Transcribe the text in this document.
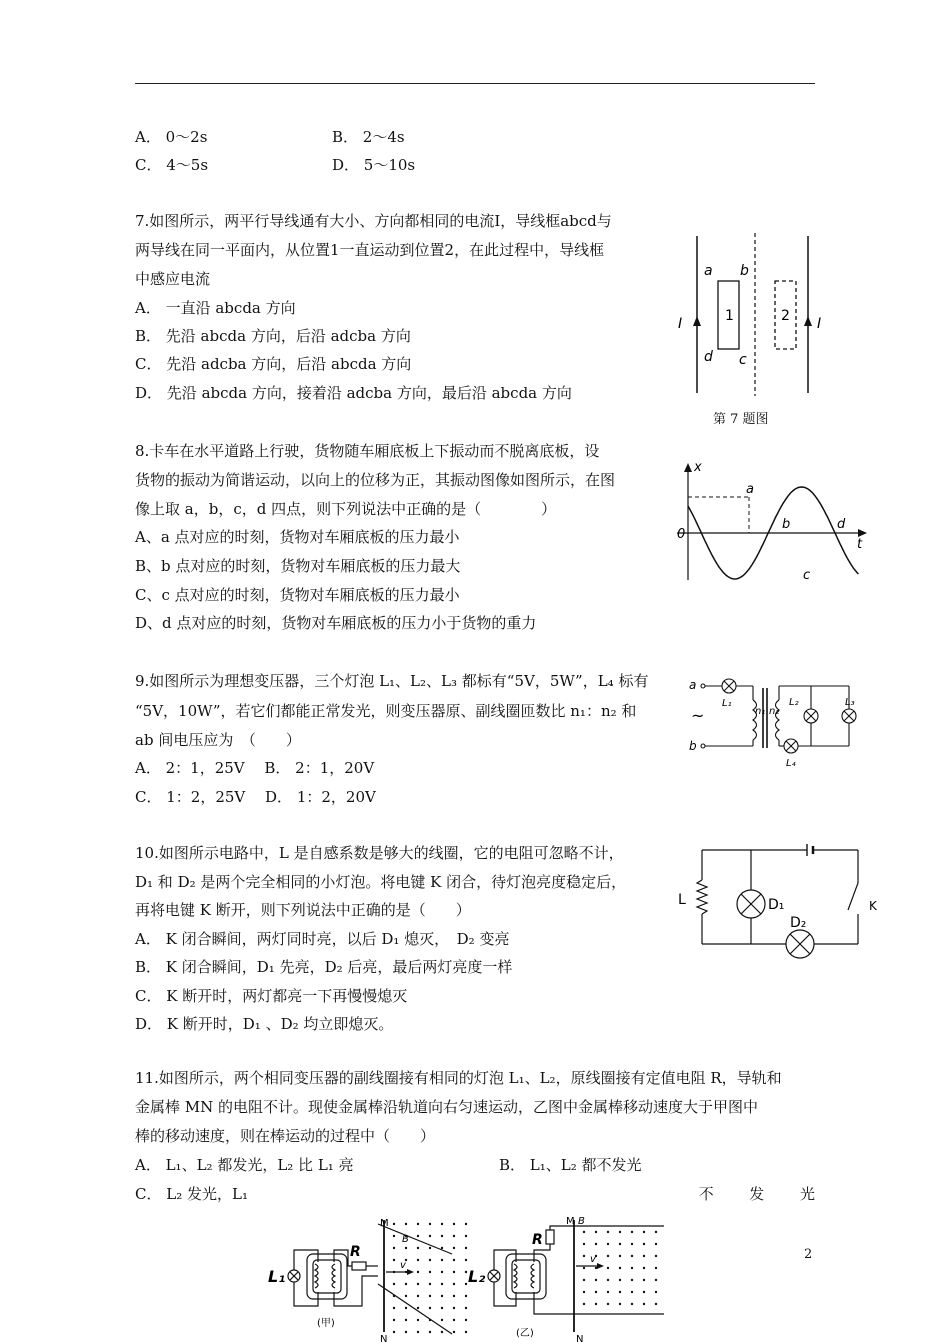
A． 0～2s	B． 2～4s
C． 4～5s	D． 5～10s
7.如图所示，两平行导线通有大小、方向都相同的电流I，导线框abcd与
两导线在同一平面内，从位置1一直运动到位置2，在此过程中，导线框
中感应电流
A． 一直沿 abcda 方向
B． 先沿 abcda 方向，后沿 adcba 方向
C． 先沿 adcba 方向，后沿 abcda 方向
D． 先沿 abcda 方向，接着沿 adcba 方向，最后沿 abcda 方向
I	I
a b
c
d
1	2
第 7 题图
8.卡车在水平道路上行驶，货物随车厢底板上下振动而不脱离底板，设
货物的振动为简谐运动，以向上的位移为正，其振动图像如图所示，在图
像上取 a，b，c，d 四点，则下列说法中正确的是（　　　　）
A、a 点对应的时刻，货物对车厢底板的压力最小
B、b 点对应的时刻，货物对车厢底板的压力最大
C、c 点对应的时刻，货物对车厢底板的压力最小
D、d 点对应的时刻，货物对车厢底板的压力小于货物的重力
x
t
0
a
b
c
d
9.如图所示为理想变压器，三个灯泡 L₁、L₂、L₃ 都标有“5V，5W”，L₄ 标有
“5V，10W”，若它们都能正常发光，则变压器原、副线圈匝数比 n₁：n₂ 和
ab 间电压应为　（　　）
A． 2：1，25V　 B． 2：1，20V
C． 1：2，25V　 D． 1：2，20V
a
b
~
L₁
n₁ n₂
L₂	L₃
L₄
10.如图所示电路中，L 是自感系数是够大的线圈，它的电阻可忽略不计，
D₁ 和 D₂ 是两个完全相同的小灯泡。将电键 K 闭合，待灯泡亮度稳定后，
再将电键 K 断开，则下列说法中正确的是（　　）
A． K 闭合瞬间，两灯同时亮，以后 D₁ 熄灭，　D₂ 变亮
B． K 闭合瞬间，D₁ 先亮，D₂ 后亮，最后两灯亮度一样
C． K 断开时，两灯都亮一下再慢慢熄灭
D． K 断开时，D₁ 、D₂ 均立即熄灭。
L	D₁
D₂
K
11.如图所示，两个相同变压器的副线圈接有相同的灯泡 L₁、L₂，原线圈接有定值电阻 R，导轨和
金属棒 MN 的电阻不计。现使金属棒沿轨道向右匀速运动，乙图中金属棒移动速度大于甲图中
棒的移动速度，则在棒运动的过程中（　　）
A． L₁、L₂ 都发光，L₂ 比 L₁ 亮	B． L₁、L₂ 都不发光
C． L₂ 发光，L₁	不 发 光
L₁
R
M
N
B
v
(甲)
L₂
R
M B
N
v
(乙)
2
